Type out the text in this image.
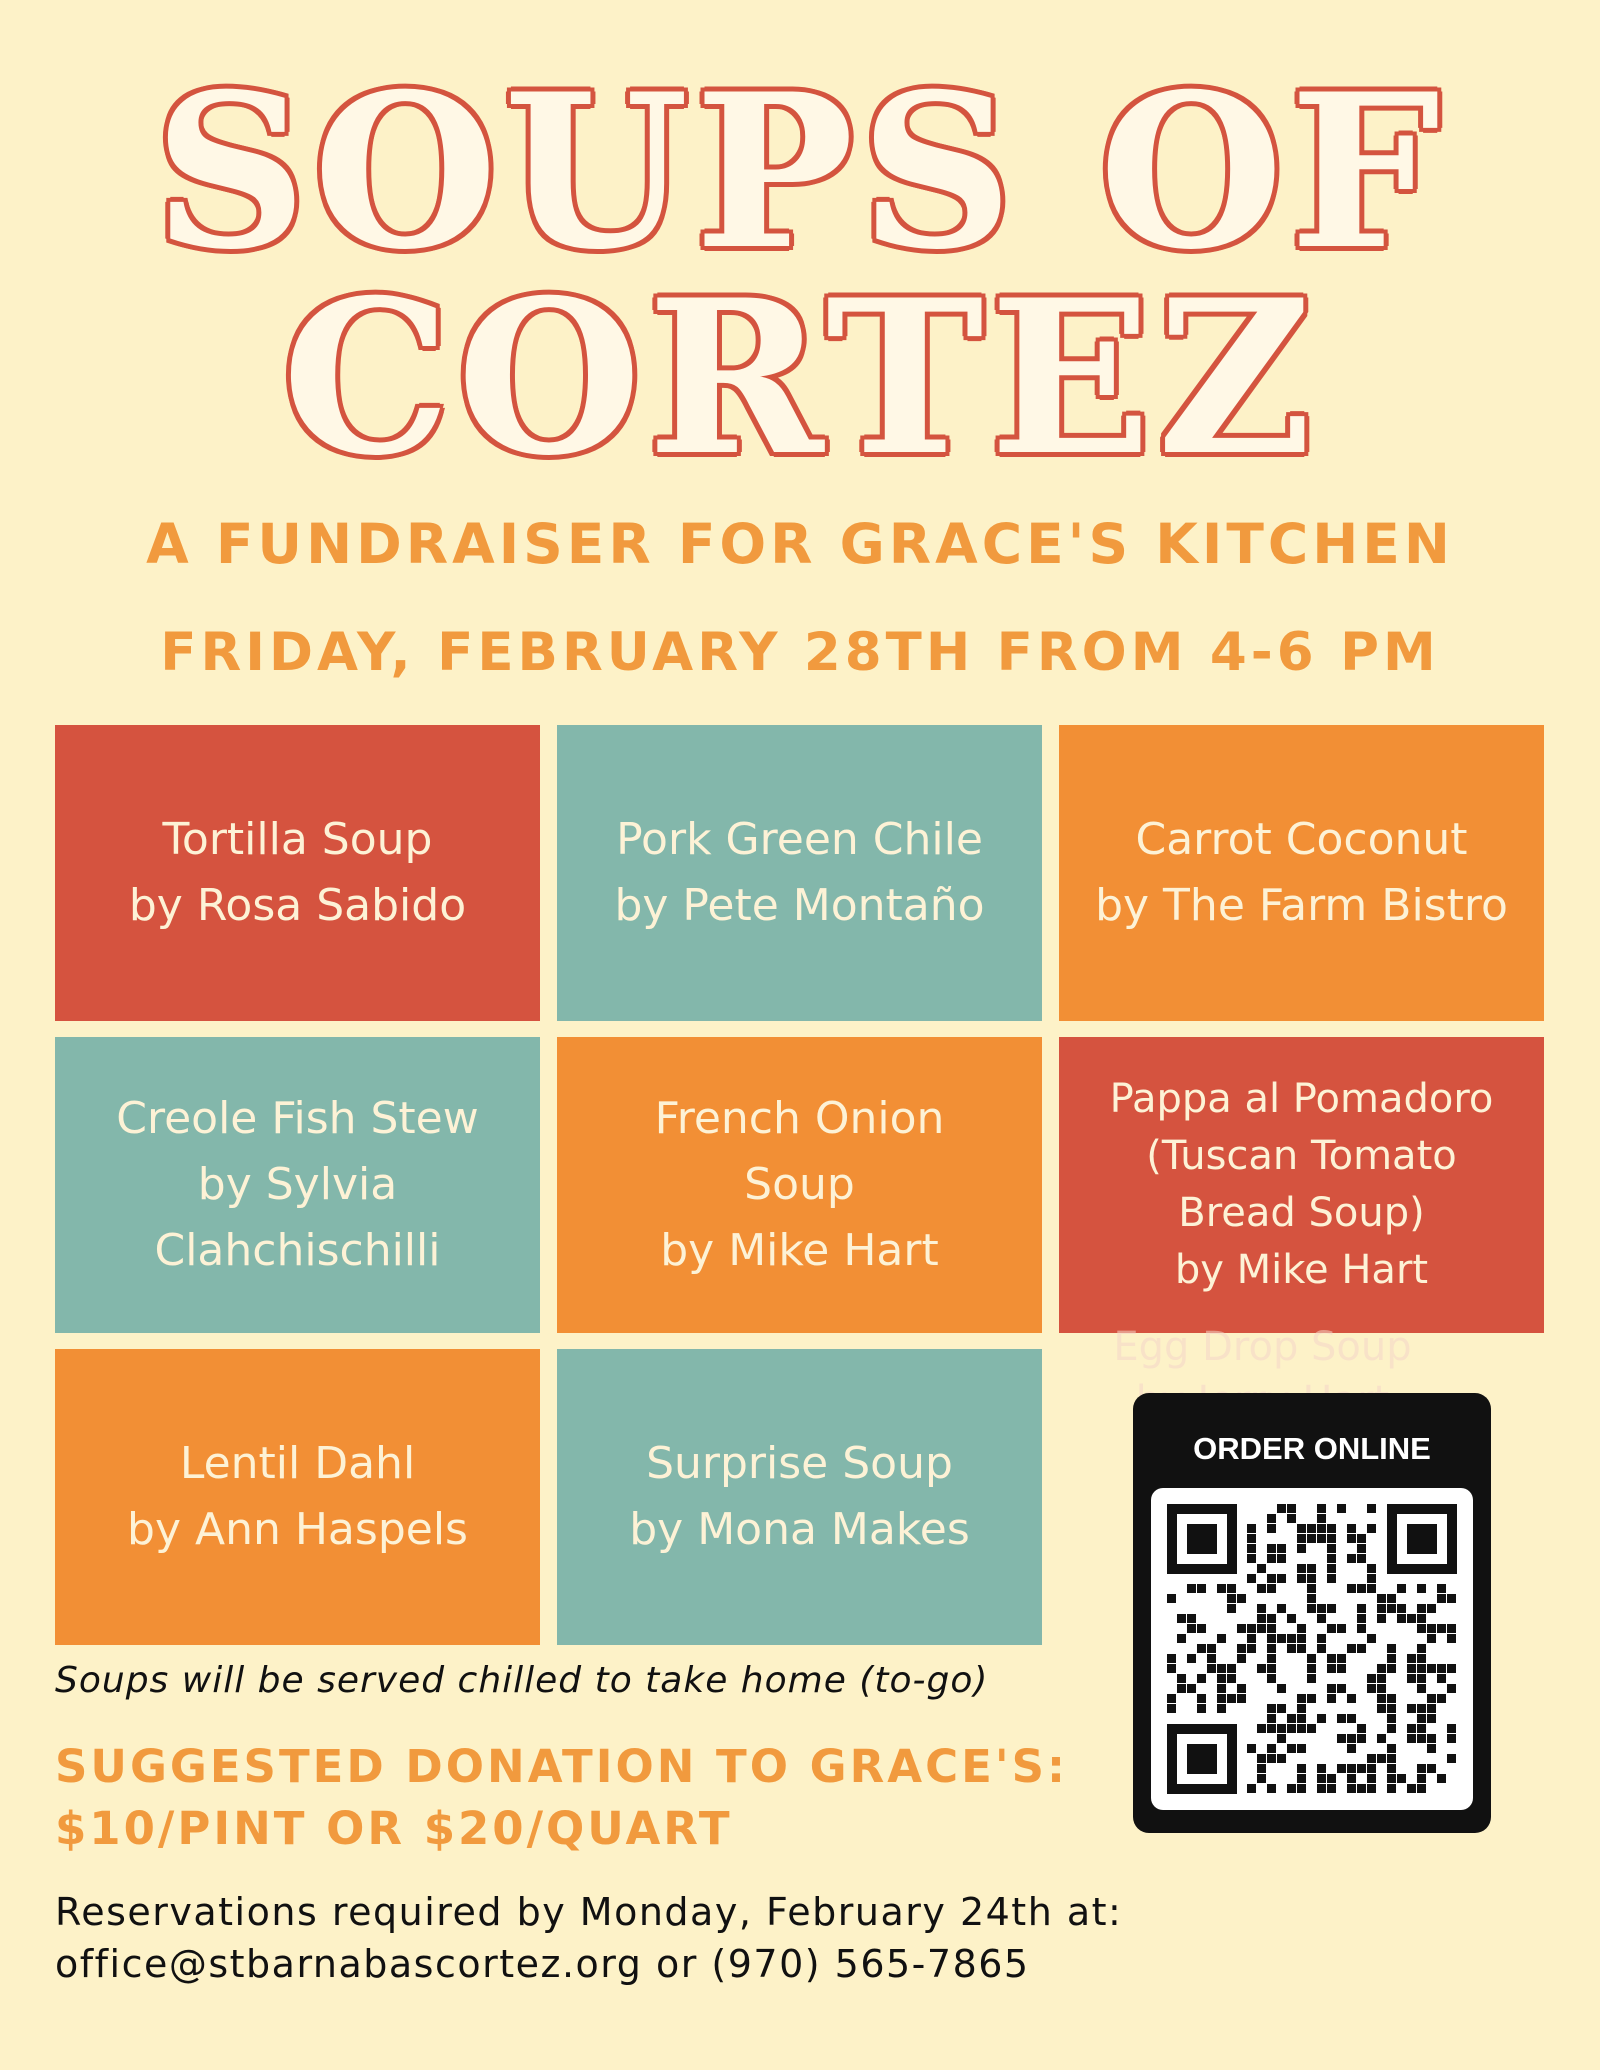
SOUPS OF
CORTEZ
A FUNDRAISER FOR GRACE'S KITCHEN
FRIDAY, FEBRUARY 28TH FROM 4-6 PM
Tortilla Soup
by Rosa Sabido
Pork Green Chile
by Pete Montaño
Carrot Coconut
by The Farm Bistro
Creole Fish Stew
by Sylvia
Clahchischilli
French Onion
Soup
by Mike Hart
Pappa al Pomadoro
(Tuscan Tomato
Bread Soup)
by Mike Hart
Lentil Dahl
by Ann Haspels
Surprise Soup
by Mona Makes
Egg Drop Soup

ORDER ONLINE
Soups will be served chilled to take home (to-go)
SUGGESTED DONATION TO GRACE'S:
$10/PINT OR $20/QUART
Reservations required by Monday, February 24th at:
office@stbarnabascortez.org or (970) 565-7865
